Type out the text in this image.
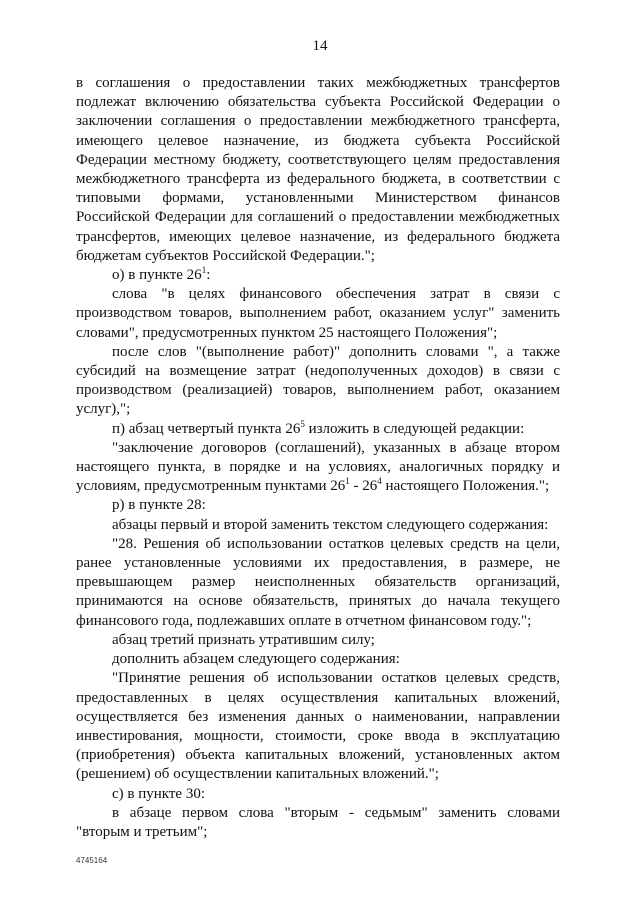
14

в соглашения о предоставлении таких межбюджетных трансфертов подлежат включению обязательства субъекта Российской Федерации о заключении соглашения о предоставлении межбюджетного трансферта, имеющего целевое назначение, из бюджета субъекта Российской Федерации местному бюджету, соответствующего целям предоставления межбюджетного трансферта из федерального бюджета, в соответствии с типовыми формами, установленными Министерством финансов Российской Федерации для соглашений о предоставлении межбюджетных трансфертов, имеющих целевое назначение, из федерального бюджета бюджетам субъектов Российской Федерации.";

о) в пункте $26^1$:

слова "в целях финансового обеспечения затрат в связи с производством товаров, выполнением работ, оказанием услуг" заменить словами", предусмотренных пунктом 25 настоящего Положения";

после слов "(выполнение работ)" дополнить словами ", а также субсидий на возмещение затрат (недополученных доходов) в связи с производством (реализацией) товаров, выполнением работ, оказанием услуг),";

п) абзац четвертый пункта $26^5$ изложить в следующей редакции:

"заключение договоров (соглашений), указанных в абзаце втором настоящего пункта, в порядке и на условиях, аналогичных порядку и условиям, предусмотренным пунктами $26^1 - 26^4$ настоящего Положения.";

р) в пункте 28:

абзацы первый и второй заменить текстом следующего содержания:

"28. Решения об использовании остатков целевых средств на цели, ранее установленные условиями их предоставления, в размере, не превышающем размер неисполненных обязательств организаций, принимаются на основе обязательств, принятых до начала текущего финансового года, подлежавших оплате в отчетном финансовом году.";

абзац третий признать утратившим силу;

дополнить абзацем следующего содержания:

"Принятие решения об использовании остатков целевых средств, предоставленных в целях осуществления капитальных вложений, осуществляется без изменения данных о наименовании, направлении инвестирования, мощности, стоимости, сроке ввода в эксплуатацию (приобретения) объекта капитальных вложений, установленных актом (решением) об осуществлении капитальных вложений.";

с) в пункте 30:

в абзаце первом слова "вторым - седьмым" заменить словами "вторым и третьим";

4745164
